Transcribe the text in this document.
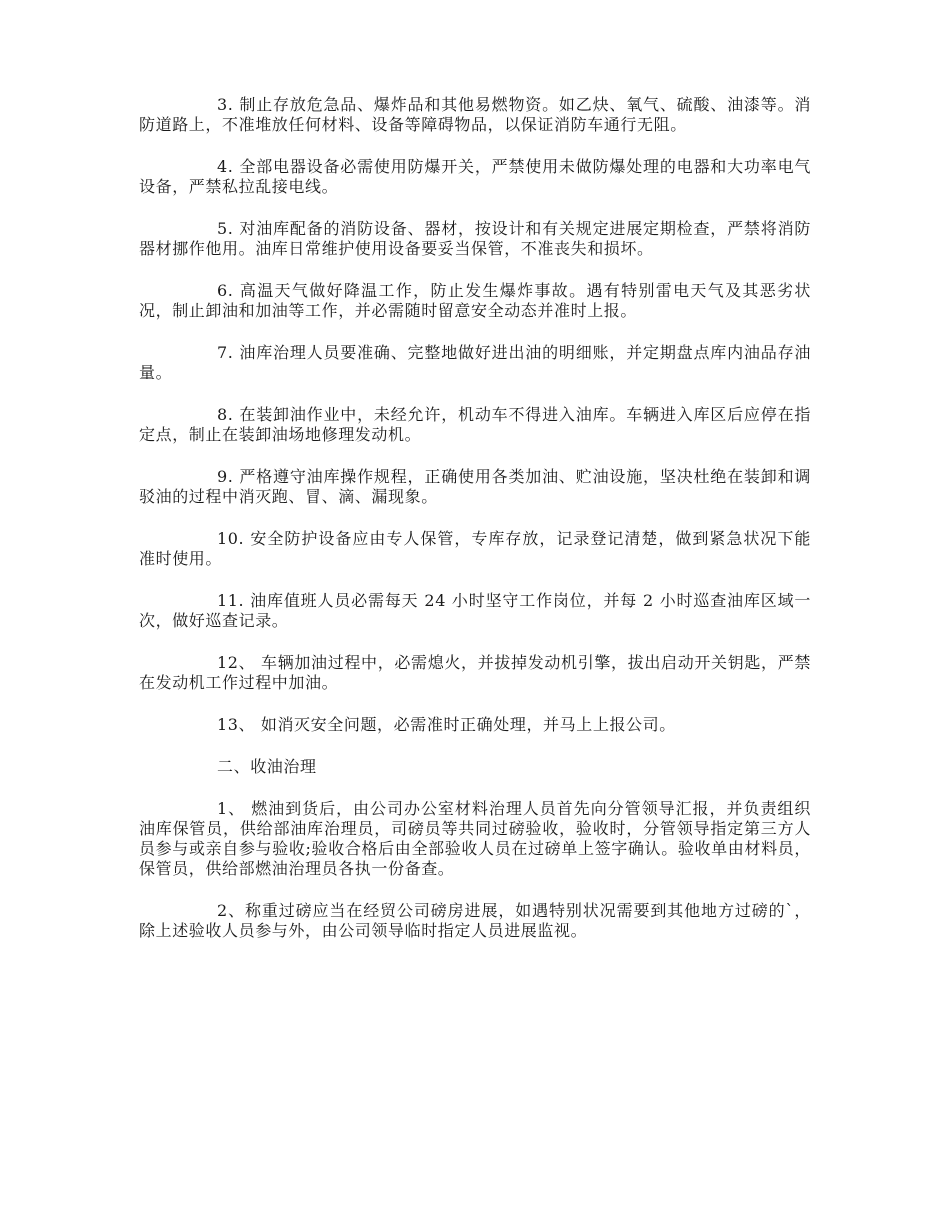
3. 制止存放危急品、爆炸品和其他易燃物资。如乙炔、氧气、硫酸、油漆等。消防道路上，不准堆放任何材料、设备等障碍物品，以保证消防车通行无阻。

4. 全部电器设备必需使用防爆开关，严禁使用未做防爆处理的电器和大功率电气设备，严禁私拉乱接电线。

5. 对油库配备的消防设备、器材，按设计和有关规定进展定期检查，严禁将消防器材挪作他用。油库日常维护使用设备要妥当保管，不准丧失和损坏。

6. 高温天气做好降温工作，防止发生爆炸事故。遇有特别雷电天气及其恶劣状况，制止卸油和加油等工作，并必需随时留意安全动态并准时上报。

7. 油库治理人员要准确、完整地做好进出油的明细账，并定期盘点库内油品存油量。

8. 在装卸油作业中，未经允许，机动车不得进入油库。车辆进入库区后应停在指定点，制止在装卸油场地修理发动机。

9. 严格遵守油库操作规程，正确使用各类加油、贮油设施，坚决杜绝在装卸和调驳油的过程中消灭跑、冒、滴、漏现象。

10. 安全防护设备应由专人保管，专库存放，记录登记清楚，做到紧急状况下能准时使用。

11. 油库值班人员必需每天 24 小时坚守工作岗位，并每 2 小时巡查油库区域一次，做好巡查记录。

12、 车辆加油过程中，必需熄火，并拔掉发动机引擎，拔出启动开关钥匙，严禁在发动机工作过程中加油。

13、 如消灭安全问题，必需准时正确处理，并马上上报公司。

二、收油治理

1、 燃油到货后，由公司办公室材料治理人员首先向分管领导汇报，并负责组织油库保管员，供给部油库治理员，司磅员等共同过磅验收，验收时，分管领导指定第三方人员参与或亲自参与验收;验收合格后由全部验收人员在过磅单上签字确认。验收单由材料员，保管员，供给部燃油治理员各执一份备查。

2、称重过磅应当在经贸公司磅房进展，如遇特别状况需要到其他地方过磅的`，除上述验收人员参与外，由公司领导临时指定人员进展监视。
